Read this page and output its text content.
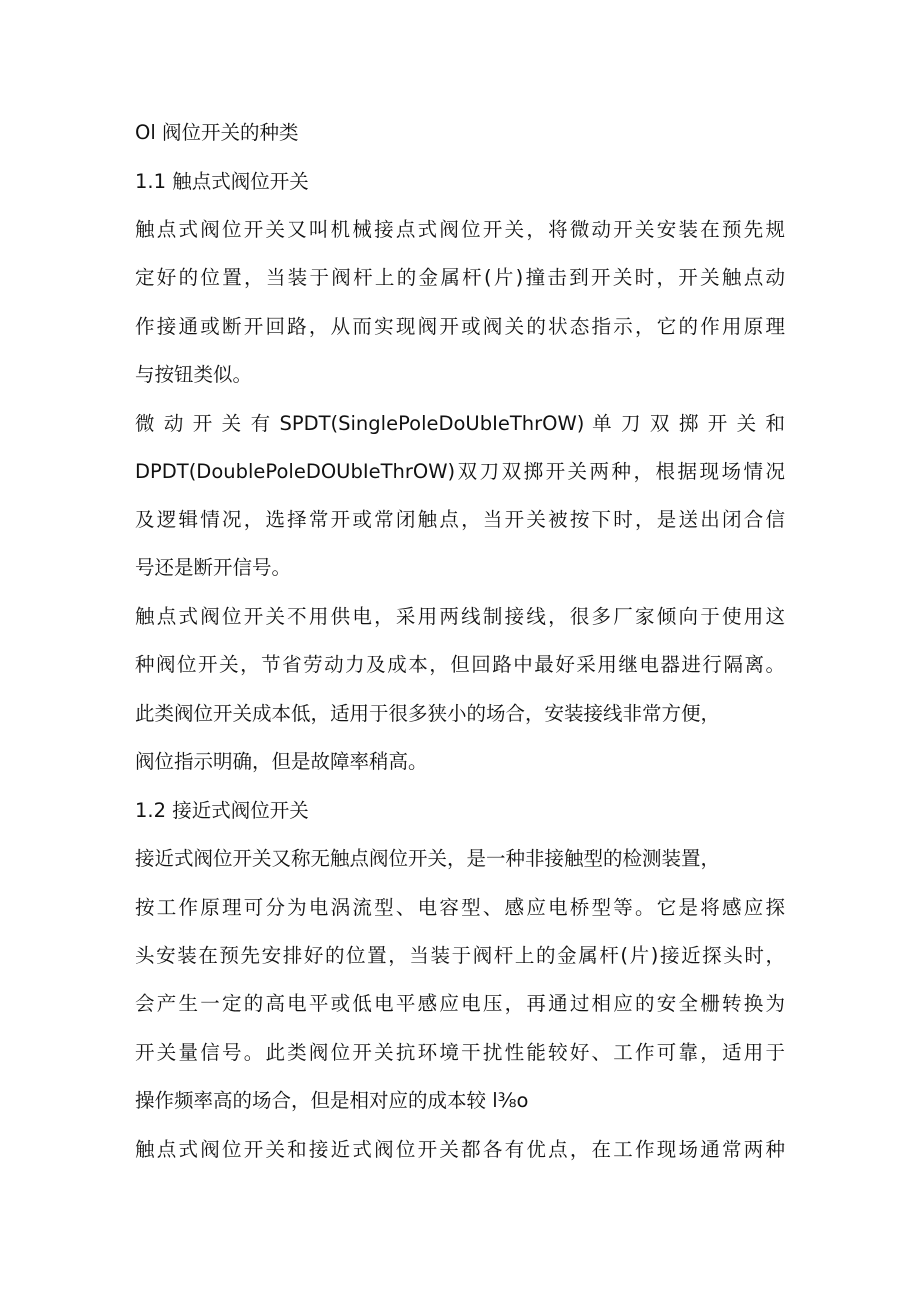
Ol 阀位开关的种类
1.1 触点式阀位开关
触点式阀位开关又叫机械接点式阀位开关，将微动开关安装在预先规
定好的位置，当装于阀杆上的金属杆(片)撞击到开关时，开关触点动
作接通或断开回路，从而实现阀开或阀关的状态指示，它的作用原理
与按钮类似。
微 动 开 关 有 SPDT(SinglePoleDoUbIeThrOW) 单 刀 双 掷 开 关 和
DPDT(DoublePoleDOUbIeThrOW)双刀双掷开关两种，根据现场情况
及逻辑情况，选择常开或常闭触点，当开关被按下时，是送出闭合信
号还是断开信号。
触点式阀位开关不用供电，采用两线制接线，很多厂家倾向于使用这
种阀位开关，节省劳动力及成本，但回路中最好采用继电器进行隔离。
此类阀位开关成本低，适用于很多狭小的场合，安装接线非常方便，
阀位指示明确，但是故障率稍高。
1.2 接近式阀位开关
接近式阀位开关又称无触点阀位开关，是一种非接触型的检测装置，
按工作原理可分为电涡流型、电容型、感应电桥型等。它是将感应探
头安装在预先安排好的位置，当装于阀杆上的金属杆(片)接近探头时，
会产生一定的高电平或低电平感应电压，再通过相应的安全栅转换为
开关量信号。此类阀位开关抗环境干扰性能较好、工作可靠，适用于
操作频率高的场合，但是相对应的成本较 l⅜o
触点式阀位开关和接近式阀位开关都各有优点，在工作现场通常两种
